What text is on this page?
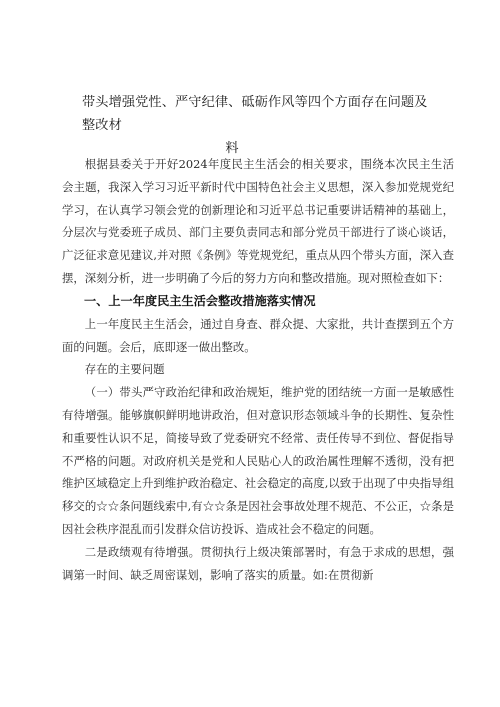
带头增强党性、严守纪律、砥砺作风等四个方面存在问题及整改材
料

根据县委关于开好2024年度民主生活会的相关要求，围绕本次民主生活会主题，我深入学习习近平新时代中国特色社会主义思想，深入参加党规党纪学习，在认真学习领会党的创新理论和习近平总书记重要讲话精神的基础上，分层次与党委班子成员、部门主要负责同志和部分党员干部进行了谈心谈话，广泛征求意见建议,并对照《条例》等党规党纪，重点从四个带头方面，深入查摆，深刻分析，进一步明确了今后的努力方向和整改措施。现对照检查如下：

一、上一年度民主生活会整改措施落实情况

上一年度民主生活会，通过自身查、群众提、大家批，共计查摆到五个方面的问题。会后，底即逐一做出整改。

存在的主要问题

（一）带头严守政治纪律和政治规矩，维护党的团结统一方面一是敏感性有待增强。能够旗帜鲜明地讲政治，但对意识形态领域斗争的长期性、复杂性和重要性认识不足，简接导致了党委研究不经常、责任传导不到位、督促指导不严格的问题。对政府机关是党和人民贴心人的政治属性理解不透彻，没有把维护区域稳定上升到维护政治稳定、社会稳定的高度,以致于出现了中央指导组移交的☆☆条问题线索中,有☆☆条是因社会事故处理不规范、不公正，☆条是因社会秩序混乱而引发群众信访投诉、造成社会不稳定的问题。

二是政绩观有待增强。贯彻执行上级决策部署时，有急于求成的思想，强调第一时间、缺乏周密谋划，影响了落实的质量。如:在贯彻新
